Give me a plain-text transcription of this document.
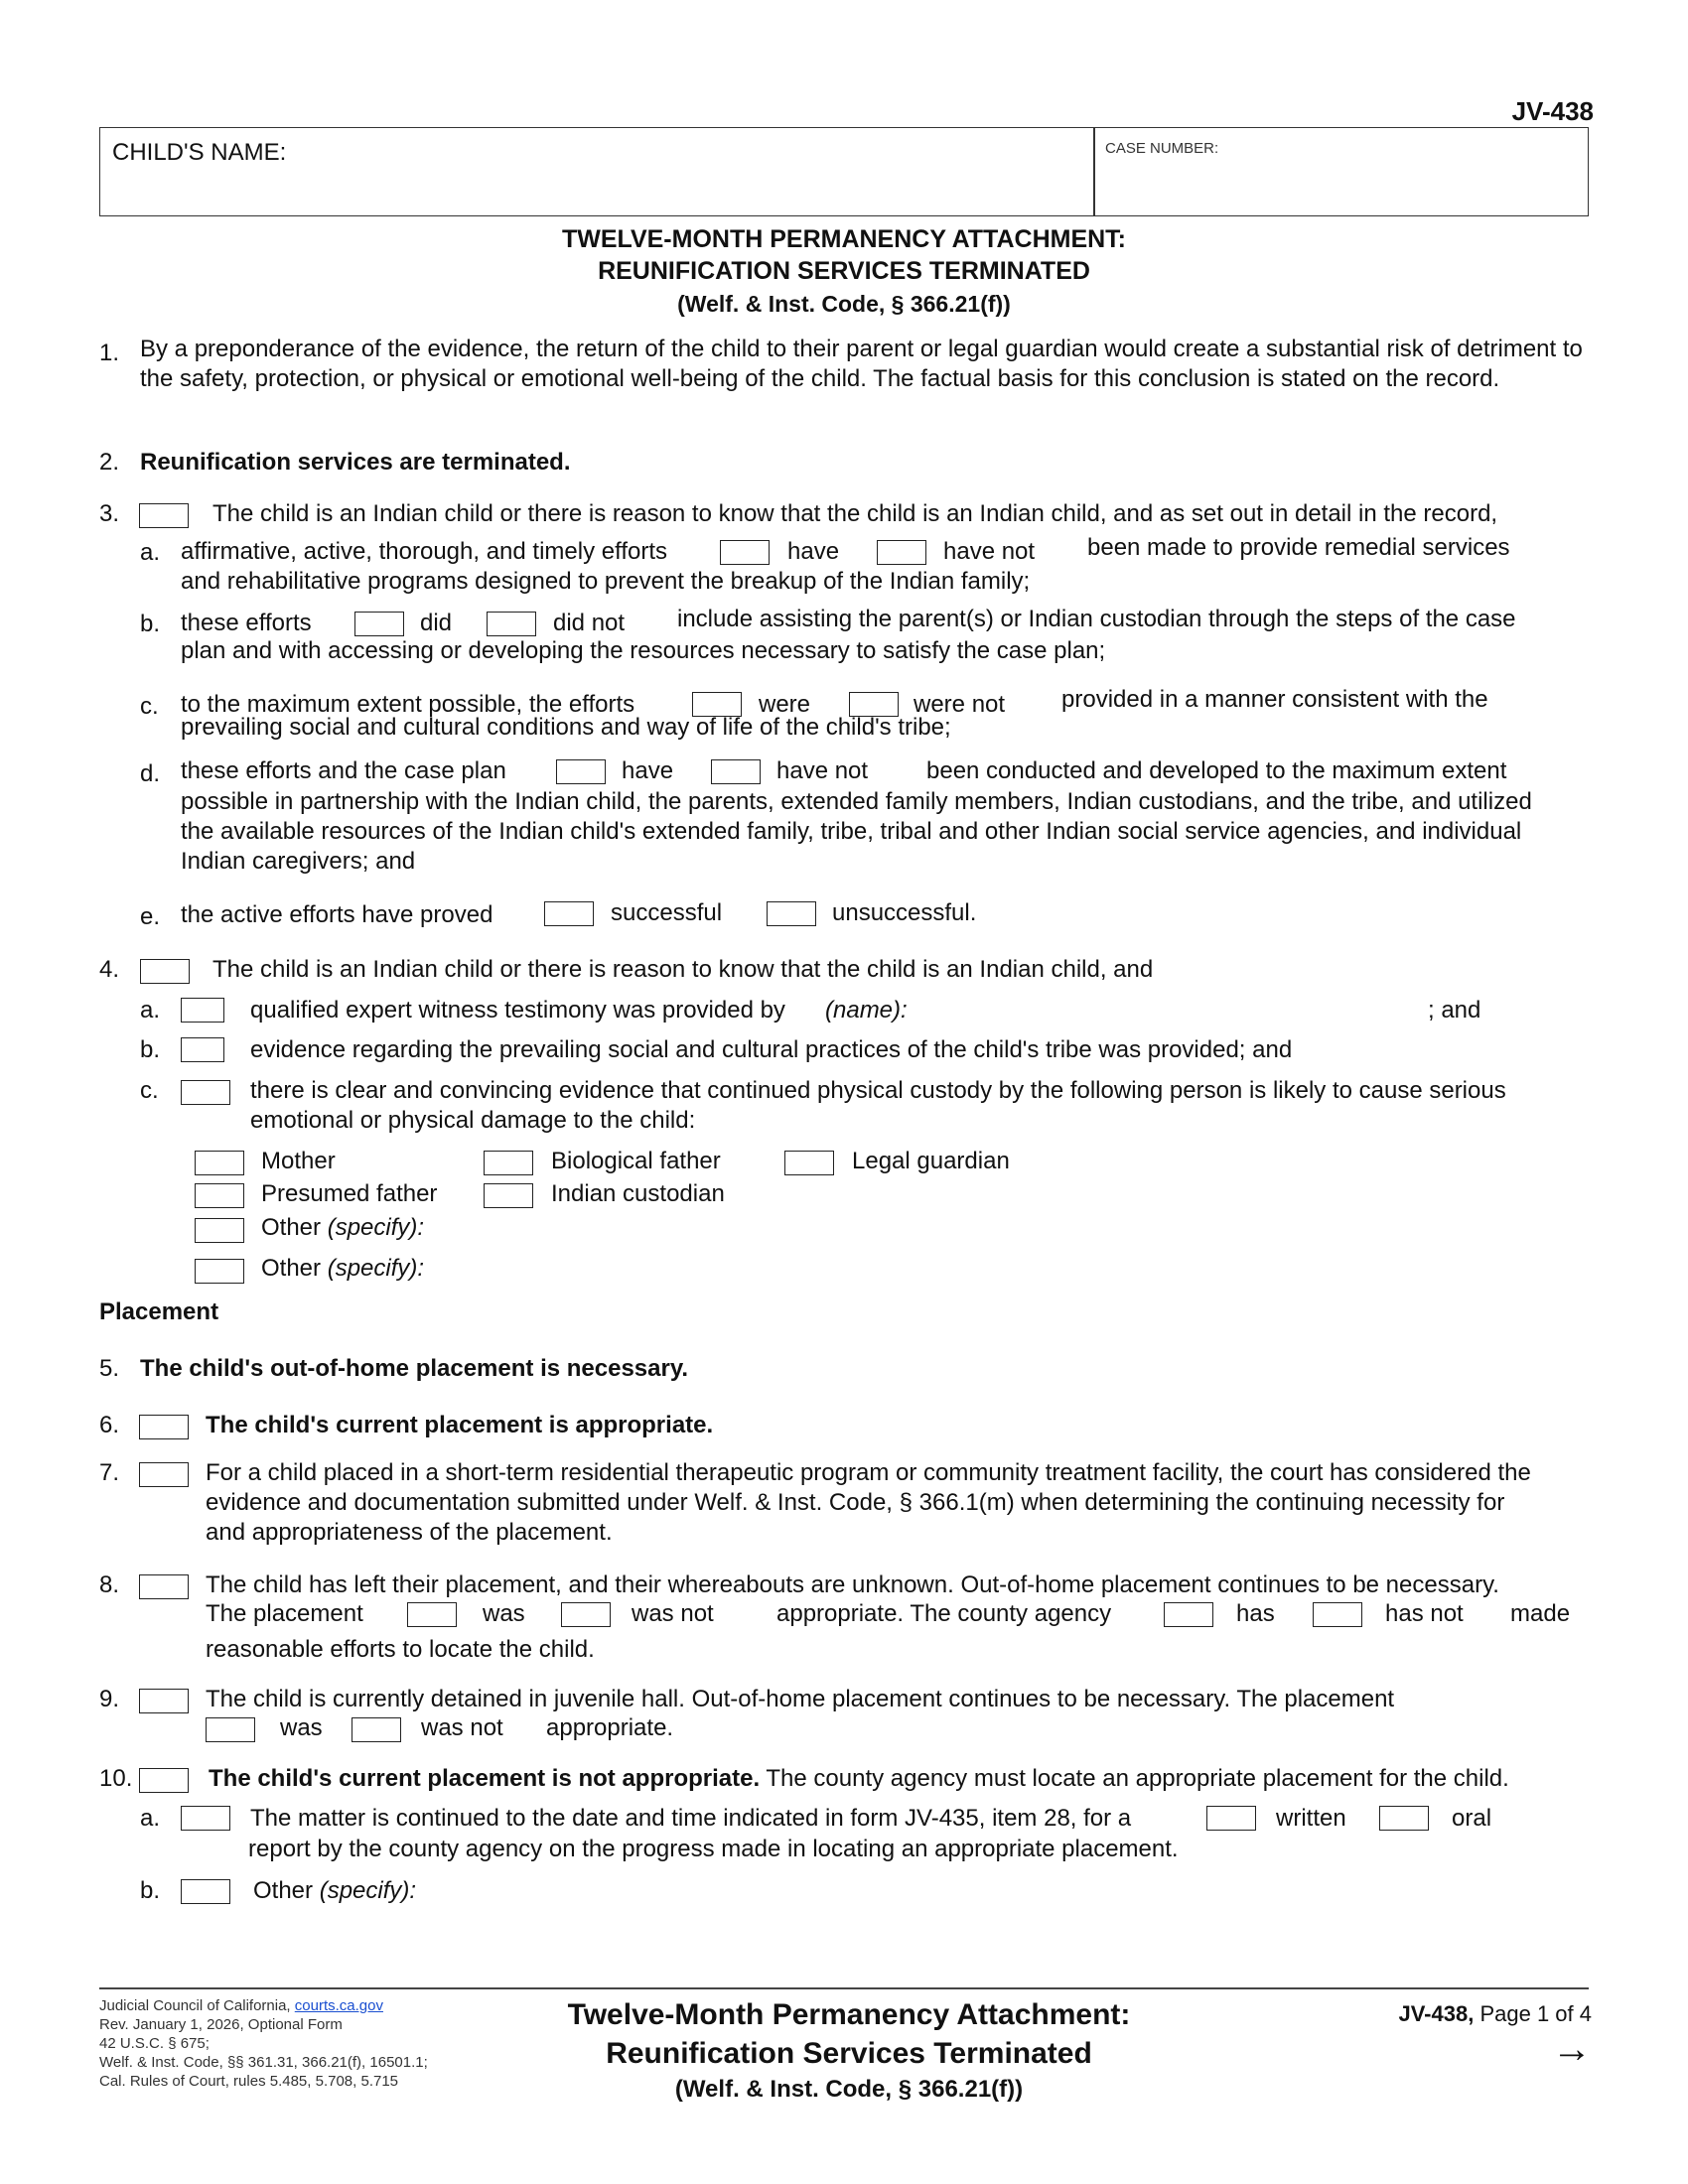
JV-438
CHILD'S NAME:	CASE NUMBER:
TWELVE-MONTH PERMANENCY ATTACHMENT:
REUNIFICATION SERVICES TERMINATED
(Welf. & Inst. Code, § 366.21(f))
1. By a preponderance of the evidence, the return of the child to their parent or legal guardian would create a substantial risk of detriment to the safety, protection, or physical or emotional well-being of the child. The factual basis for this conclusion is stated on the record.
2. Reunification services are terminated.
3.	The child is an Indian child or there is reason to know that the child is an Indian child, and as set out in detail in the record,
a. affirmative, active, thorough, and timely efforts	have	have not been made to provide remedial services
and rehabilitative programs designed to prevent the breakup of the Indian family;
b. these efforts	did	did not include assisting the parent(s) or Indian custodian through the steps of the case
plan and with accessing or developing the resources necessary to satisfy the case plan;
c. to the maximum extent possible, the efforts	were	were not provided in a manner consistent with the
prevailing social and cultural conditions and way of life of the child's tribe;
d. these efforts and the case plan	have	have not been conducted and developed to the maximum extent
possible in partnership with the Indian child, the parents, extended family members, Indian custodians, and the tribe, and utilized
the available resources of the Indian child's extended family, tribe, tribal and other Indian social service agencies, and individual
Indian caregivers; and
e. the active efforts have proved	successful	unsuccessful.
4.	The child is an Indian child or there is reason to know that the child is an Indian child, and
a.	qualified expert witness testimony was provided by (name):	; and
b.	evidence regarding the prevailing social and cultural practices of the child's tribe was provided; and
c.	there is clear and convincing evidence that continued physical custody by the following person is likely to cause serious
emotional or physical damage to the child:
Mother	Biological father	Legal guardian
Presumed father	Indian custodian
Other (specify):
Other (specify):
Placement
5. The child's out-of-home placement is necessary.
6.	The child's current placement is appropriate.
7.	For a child placed in a short-term residential therapeutic program or community treatment facility, the court has considered the
evidence and documentation submitted under Welf. & Inst. Code, § 366.1(m) when determining the continuing necessity for
and appropriateness of the placement.
8.	The child has left their placement, and their whereabouts are unknown. Out-of-home placement continues to be necessary.
The placement	was	was not	appropriate. The county agency	has	has not made
reasonable efforts to locate the child.
9.	The child is currently detained in juvenile hall. Out-of-home placement continues to be necessary. The placement
was	was not appropriate.
10.	The child's current placement is not appropriate. The county agency must locate an appropriate placement for the child.
a.	The matter is continued to the date and time indicated in form JV-435, item 28, for a	written	oral
report by the county agency on the progress made in locating an appropriate placement.
b.	Other (specify):
Judicial Council of California, courts.ca.gov
Rev. January 1, 2026, Optional Form
42 U.S.C. § 675;
Welf. & Inst. Code, §§ 361.31, 366.21(f), 16501.1;
Cal. Rules of Court, rules 5.485, 5.708, 5.715
Twelve-Month Permanency Attachment:
Reunification Services Terminated
(Welf. & Inst. Code, § 366.21(f))
JV-438, Page 1 of 4
→
